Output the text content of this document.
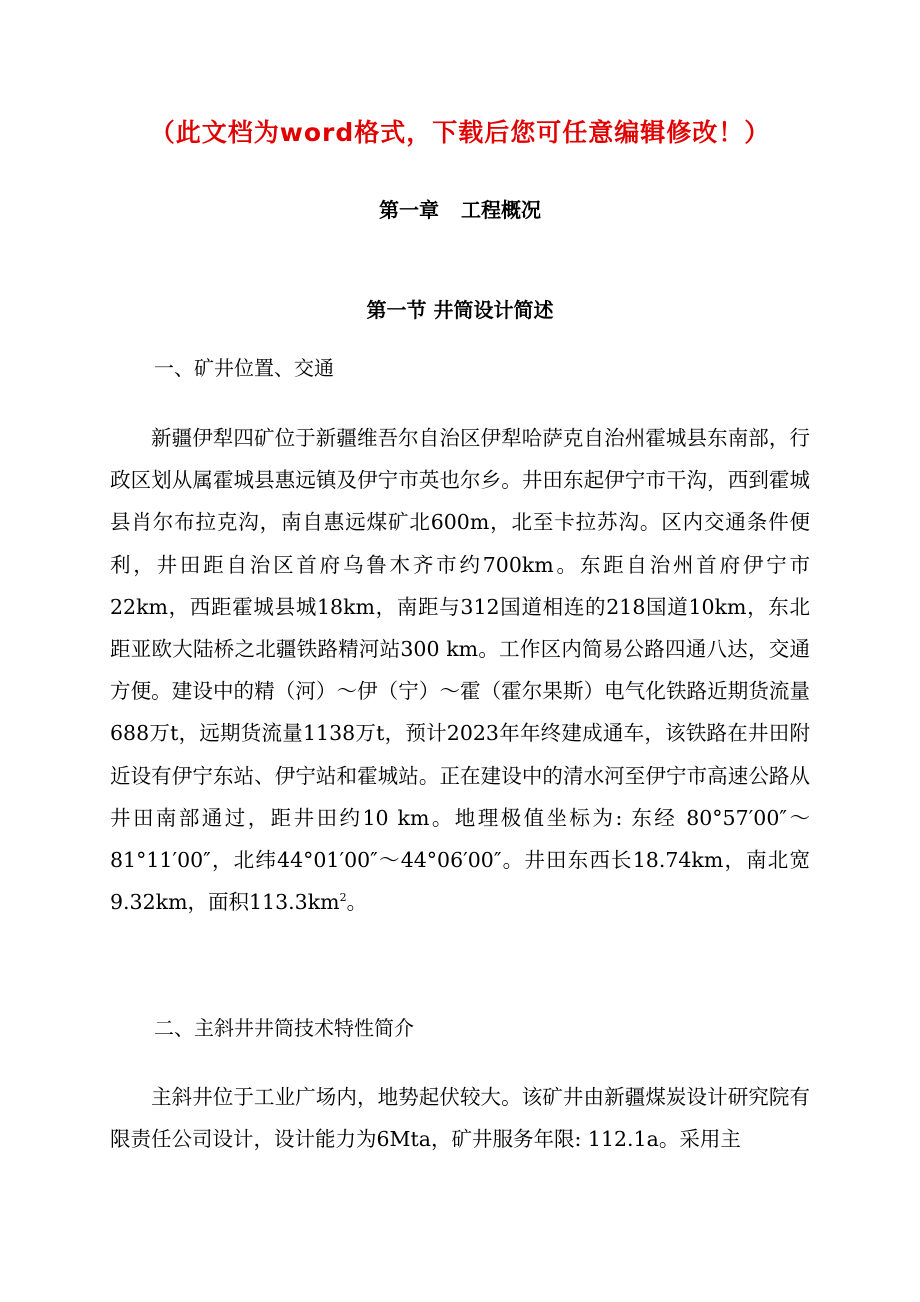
（此文档为word格式，下载后您可任意编辑修改！）
第一章 工程概况
第一节 井筒设计简述
一、矿井位置、交通

新疆伊犁四矿位于新疆维吾尔自治区伊犁哈萨克自治州霍城县东南部，行政区划从属霍城县惠远镇及伊宁市英也尔乡。井田东起伊宁市干沟，西到霍城县肖尔布拉克沟，南自惠远煤矿北600m，北至卡拉苏沟。区内交通条件便利，井田距自治区首府乌鲁木齐市约700km。东距自治州首府伊宁市22km，西距霍城县城18km，南距与312国道相连的218国道10km，东北距亚欧大陆桥之北疆铁路精河站300 km。工作区内简易公路四通八达，交通方便。建设中的精（河）～伊（宁）～霍（霍尔果斯）电气化铁路近期货流量688万t，远期货流量1138万t，预计2023年年终建成通车，该铁路在井田附近设有伊宁东站、伊宁站和霍城站。正在建设中的清水河至伊宁市高速公路从井田南部通过，距井田约10 km。地理极值坐标为: 东经 80°57′00″～81°11′00″，北纬44°01′00″～44°06′00″。井田东西长18.74km，南北宽9.32km，面积$113.3km^2$。

二、主斜井井筒技术特性简介

主斜井位于工业广场内，地势起伏较大。该矿井由新疆煤炭设计研究院有限责任公司设计，设计能力为6Mta，矿井服务年限: 112.1a。采用主
